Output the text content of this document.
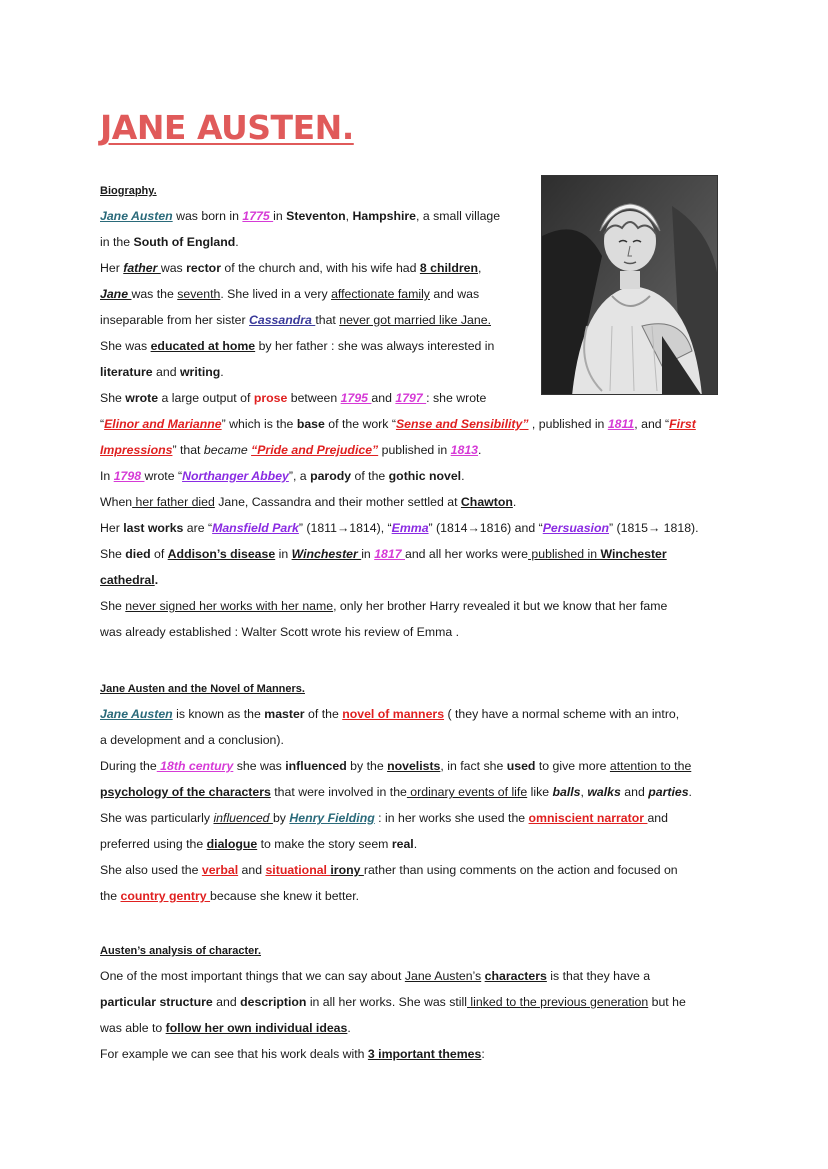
JANE AUSTEN.
Biography.
Jane Austen was born in 1775 in Steventon, Hampshire, a small village
in the South of England.
Her father was rector of the church and, with his wife had 8 children,
Jane was the seventh. She lived in a very affectionate family and was
inseparable from her sister Cassandra that never got married like Jane.
She was educated at home by her father : she was always interested in
literature and writing.
She wrote a large output of prose between 1795 and 1797 : she wrote
“Elinor and Marianne” which is the base of the work “Sense and Sensibility” , published in 1811, and “First
Impressions” that became “Pride and Prejudice” published in 1813.
In 1798 wrote “Northanger Abbey”, a parody of the gothic novel.
When her father died Jane, Cassandra and their mother settled at Chawton.
Her last works are “Mansfield Park” (1811→1814), “Emma” (1814→1816) and “Persuasion” (1815→ 1818).
She died of Addison’s disease in Winchester in 1817 and all her works were published in Winchester
cathedral.
She never signed her works with her name, only her brother Harry revealed it but we know that her fame
was already established : Walter Scott wrote his review of Emma .
Jane Austen and the Novel of Manners.
Jane Austen is known as the master of the novel of manners ( they have a normal scheme with an intro,
a development and a conclusion).
During the 18th century she was influenced by the novelists, in fact she used to give more attention to the
psychology of the characters that were involved in the ordinary events of life like balls, walks and parties.
She was particularly influenced by Henry Fielding : in her works she used the omniscient narrator and
preferred using the dialogue to make the story seem real.
She also used the verbal and situational irony rather than using comments on the action and focused on
the country gentry because she knew it better.
Austen’s analysis of character.
One of the most important things that we can say about Jane Austen’s characters is that they have a
particular structure and description in all her works. She was still linked to the previous generation but he
was able to follow her own individual ideas.
For example we can see that his work deals with 3 important themes:
